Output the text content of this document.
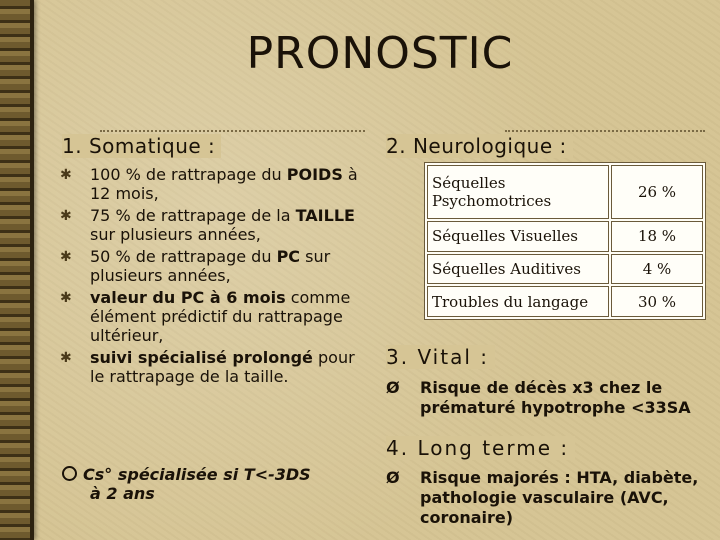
PRONOSTIC
1. Somatique :	2. Neurologique :
✱ 100 % de rattrapage du POIDS à 12 mois,
✱ 75 % de rattrapage de la TAILLE sur plusieurs années,
✱ 50 % de rattrapage du PC sur plusieurs années,
✱ valeur du PC à 6 mois comme élément prédictif du rattrapage ultérieur,
✱ suivi spécialisé prolongé pour le rattrapage de la taille.
Cs° spécialisée si T<-3DS
à 2 ans
Séquelles Psychomotrices	26 %
Séquelles Visuelles	18 %
Séquelles Auditives	4 %
Troubles du langage	30 %
3. Vital :
Ø	Risque de décès x3 chez le prématuré hypotrophe <33SA
4. Long terme :
Ø	Risque majorés : HTA, diabète, pathologie vasculaire (AVC, coronaire)
